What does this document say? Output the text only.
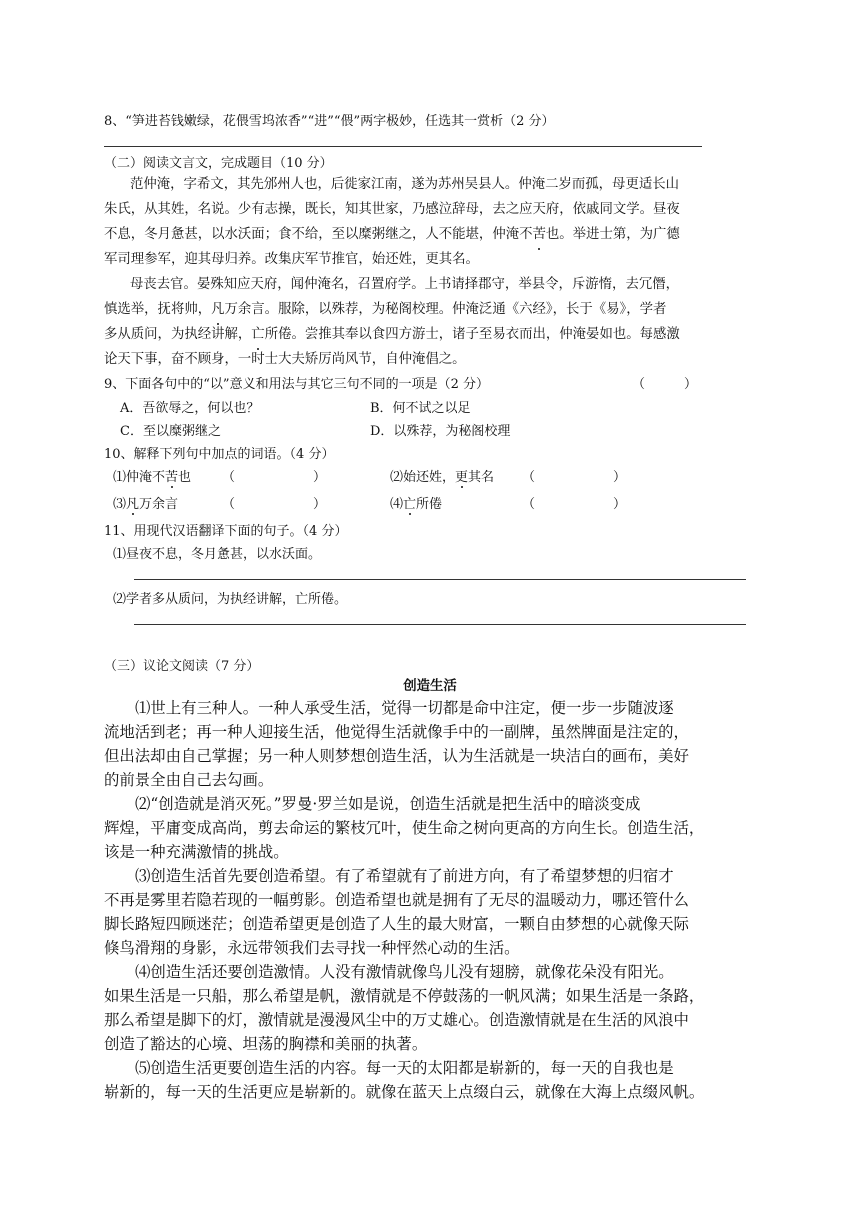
8、“笋进苔钱嫩绿，花偎雪坞浓香”“进”“偎”两字极妙，任选其一赏析（2 分）
（二）阅读文言文，完成题目（10 分）
范仲淹，字希文，其先邠州人也，后徙家江南，遂为苏州吴县人。仲淹二岁而孤，母更适长山
朱氏，从其姓，名说。少有志操，既长，知其世家，乃感泣辞母，去之应天府，依戚同文学。昼夜
不息，冬月惫甚，以水沃面；食不给，至以糜粥继之，人不能堪，仲淹不苦也。举进士第，为广德
军司理参军，迎其母归养。改集庆军节推官，始还姓，更其名。
母丧去官。晏殊知应天府，闻仲淹名，召置府学。上书请择郡守，举县令，斥游惰，去冗僭，
慎选举，抚将帅，凡万余言。服除，以殊荐，为秘阁校理。仲淹泛通《六经》，长于《易》，学者
多从质问，为执经讲解，亡所倦。尝推其奉以食四方游士，诸子至易衣而出，仲淹晏如也。每感激
论天下事，奋不顾身，一时士大夫矫厉尚风节，自仲淹倡之。
9、下面各句中的“以”意义和用法与其它三句不同的一项是（2 分）	（　　　）
A．吾欲辱之，何以也？	B．何不试之以足
C．至以糜粥继之	D．以殊荐，为秘阁校理
10、解释下列句中加点的词语。（4 分）
⑴仲淹不苦也 （　　　　　　）	⑵始还姓，更其名 （　　　　　　）
⑶凡万余言	（　　　　　　）	⑷亡所倦	（　　　　　　）
11、用现代汉语翻译下面的句子。（4 分）
⑴昼夜不息，冬月惫甚，以水沃面。
⑵学者多从质问，为执经讲解，亡所倦。
（三）议论文阅读（7 分）
创造生活
⑴世上有三种人。一种人承受生活，觉得一切都是命中注定，便一步一步随波逐
流地活到老；再一种人迎接生活，他觉得生活就像手中的一副牌，虽然牌面是注定的，
但出法却由自己掌握；另一种人则梦想创造生活，认为生活就是一块洁白的画布，美好
的前景全由自己去勾画。
⑵“创造就是消灭死。”罗曼·罗兰如是说，创造生活就是把生活中的暗淡变成
辉煌，平庸变成高尚，剪去命运的繁枝冗叶，使生命之树向更高的方向生长。创造生活，
该是一种充满激情的挑战。
⑶创造生活首先要创造希望。有了希望就有了前进方向，有了希望梦想的归宿才
不再是雾里若隐若现的一幅剪影。创造希望也就是拥有了无尽的温暖动力，哪还管什么
脚长路短四顾迷茫；创造希望更是创造了人生的最大财富，一颗自由梦想的心就像天际
倏鸟滑翔的身影，永远带领我们去寻找一种怦然心动的生活。
⑷创造生活还要创造激情。人没有激情就像鸟儿没有翅膀，就像花朵没有阳光。
如果生活是一只船，那么希望是帆，激情就是不停鼓荡的一帆风满；如果生活是一条路，
那么希望是脚下的灯，激情就是漫漫风尘中的万丈雄心。创造激情就是在生活的风浪中
创造了豁达的心境、坦荡的胸襟和美丽的执著。
⑸创造生活更要创造生活的内容。每一天的太阳都是崭新的，每一天的自我也是
崭新的，每一天的生活更应是崭新的。就像在蓝天上点缀白云，就像在大海上点缀风帆。
